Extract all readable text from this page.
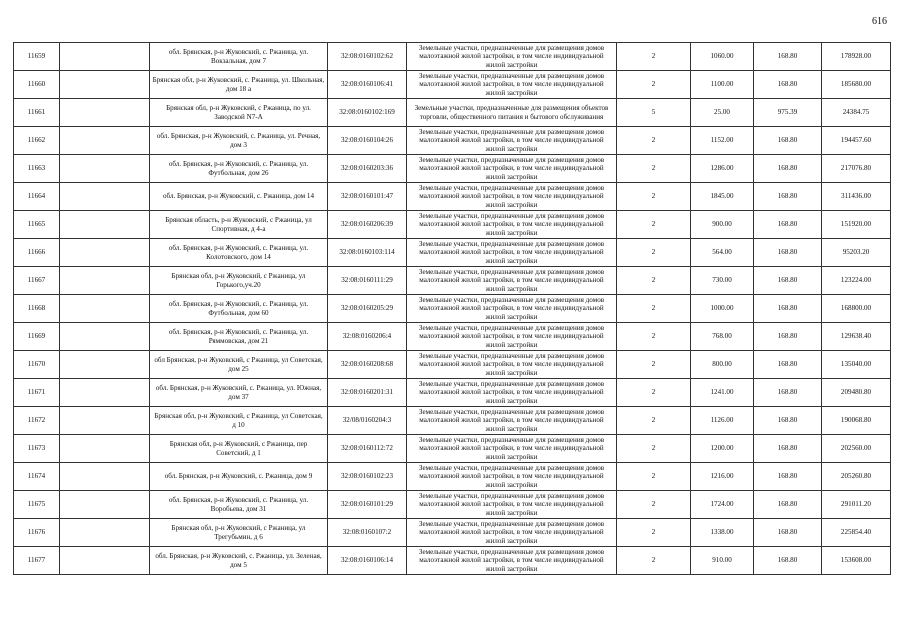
616
11659		обл. Брянская, р-н Жуковский, с. Ржаница, ул. Вокзальная, дом 7	32:08:0160102:62	Земельные участки, предназначенные для размещения домов малоэтажной жилой застройки, в том числе индивидуальной жилой застройки	2	1060.00	168.80	178928.00
11660		Брянская обл, р-н Жуковский, с. Ржаница, ул. Школьная, дом 18 а	32:08:0160106:41	Земельные участки, предназначенные для размещения домов малоэтажной жилой застройки, в том числе индивидуальной жилой застройки	2	1100.00	168.80	185680.00
11661		Брянская обл, р-н Жуковский, с Ржаница, по ул. Заводской N7-А	32:08:0160102:169	Земельные участки, предназначенные для размещения объектов торговли, общественного питания и бытового обслуживания	5	25.00	975.39	24384.75
11662		обл. Брянская, р-н Жуковский, с. Ржаница, ул. Речная, дом 3	32:08:0160104:26	Земельные участки, предназначенные для размещения домов малоэтажной жилой застройки, в том числе индивидуальной жилой застройки	2	1152.00	168.80	194457.60
11663		обл. Брянская, р-н Жуковский, с. Ржаница, ул. Футбольная, дом 26	32:08:0160203:36	Земельные участки, предназначенные для размещения домов малоэтажной жилой застройки, в том числе индивидуальной жилой застройки	2	1286.00	168.80	217076.80
11664		обл. Брянская, р-н Жуковский, с. Ржаница, дом 14	32:08:0160101:47	Земельные участки, предназначенные для размещения домов малоэтажной жилой застройки, в том числе индивидуальной жилой застройки	2	1845.00	168.80	311436.00
11665		Брянская область, р-н Жуковский, с Ржаница, ул Спортивная, д 4-а	32:08:0160206:39	Земельные участки, предназначенные для размещения домов малоэтажной жилой застройки, в том числе индивидуальной жилой застройки	2	900.00	168.80	151920.00
11666		обл. Брянская, р-н Жуковский, с. Ржаница, ул. Колотовского, дом 14	32:08:0160103:114	Земельные участки, предназначенные для размещения домов малоэтажной жилой застройки, в том числе индивидуальной жилой застройки	2	564.00	168.80	95203.20
11667		Брянская обл, р-н Жуковский, с Ржаница, ул Горького,уч.20	32:08:0160111:29	Земельные участки, предназначенные для размещения домов малоэтажной жилой застройки, в том числе индивидуальной жилой застройки	2	730.00	168.80	123224.00
11668		обл. Брянская, р-н Жуковский, с. Ржаница, ул. Футбольная, дом 60	32:08:0160205:29	Земельные участки, предназначенные для размещения домов малоэтажной жилой застройки, в том числе индивидуальной жилой застройки	2	1000.00	168.80	168800.00
11669		обл. Брянская, р-н Жуковский, с. Ржаница, ул. Ряммовская, дом 21	32:08:0160206:4	Земельные участки, предназначенные для размещения домов малоэтажной жилой застройки, в том числе индивидуальной жилой застройки	2	768.00	168.80	129638.40
11670		обл Брянская, р-н Жуковский, с Ржаница, ул Советская, дом 25	32:08:0160208:68	Земельные участки, предназначенные для размещения домов малоэтажной жилой застройки, в том числе индивидуальной жилой застройки	2	800.00	168.80	135040.00
11671		обл. Брянская, р-н Жуковский, с. Ржаница, ул. Южная, дом 37	32:08:0160201:31	Земельные участки, предназначенные для размещения домов малоэтажной жилой застройки, в том числе индивидуальной жилой застройки	2	1241.00	168.80	209480.80
11672		Брянская обл, р-н Жуковский, с Ржаница, ул Советская, д 10	32/08/0160204:3	Земельные участки, предназначенные для размещения домов малоэтажной жилой застройки, в том числе индивидуальной жилой застройки	2	1126.00	168.80	190068.80
11673		Брянская обл, р-н Жуковский, с Ржаница, пер Советский, д 1	32:08:0160112:72	Земельные участки, предназначенные для размещения домов малоэтажной жилой застройки, в том числе индивидуальной жилой застройки	2	1200.00	168.80	202560.00
11674		обл. Брянская, р-н Жуковский, с. Ржаница, дом 9	32:08:0160102:23	Земельные участки, предназначенные для размещения домов малоэтажной жилой застройки, в том числе индивидуальной жилой застройки	2	1216.00	168.80	205260.80
11675		обл. Брянская, р-н Жуковский, с. Ржаница, ул. Воробьева, дом 31	32:08:0160101:29	Земельные участки, предназначенные для размещения домов малоэтажной жилой застройки, в том числе индивидуальной жилой застройки	2	1724.00	168.80	291011.20
11676		Брянская обл, р-н Жуковский, с Ржаница, ул Трегубьмин, д 6	32:08:0160107:2	Земельные участки, предназначенные для размещения домов малоэтажной жилой застройки, в том числе индивидуальной жилой застройки	2	1338.00	168.80	225854.40
11677		обл. Брянская, р-н Жуковский, с. Ржаница, ул. Зеленая, дом 5	32:08:0160106:14	Земельные участки, предназначенные для размещения домов малоэтажной жилой застройки, в том числе индивидуальной жилой застройки	2	910.00	168.80	153608.00
